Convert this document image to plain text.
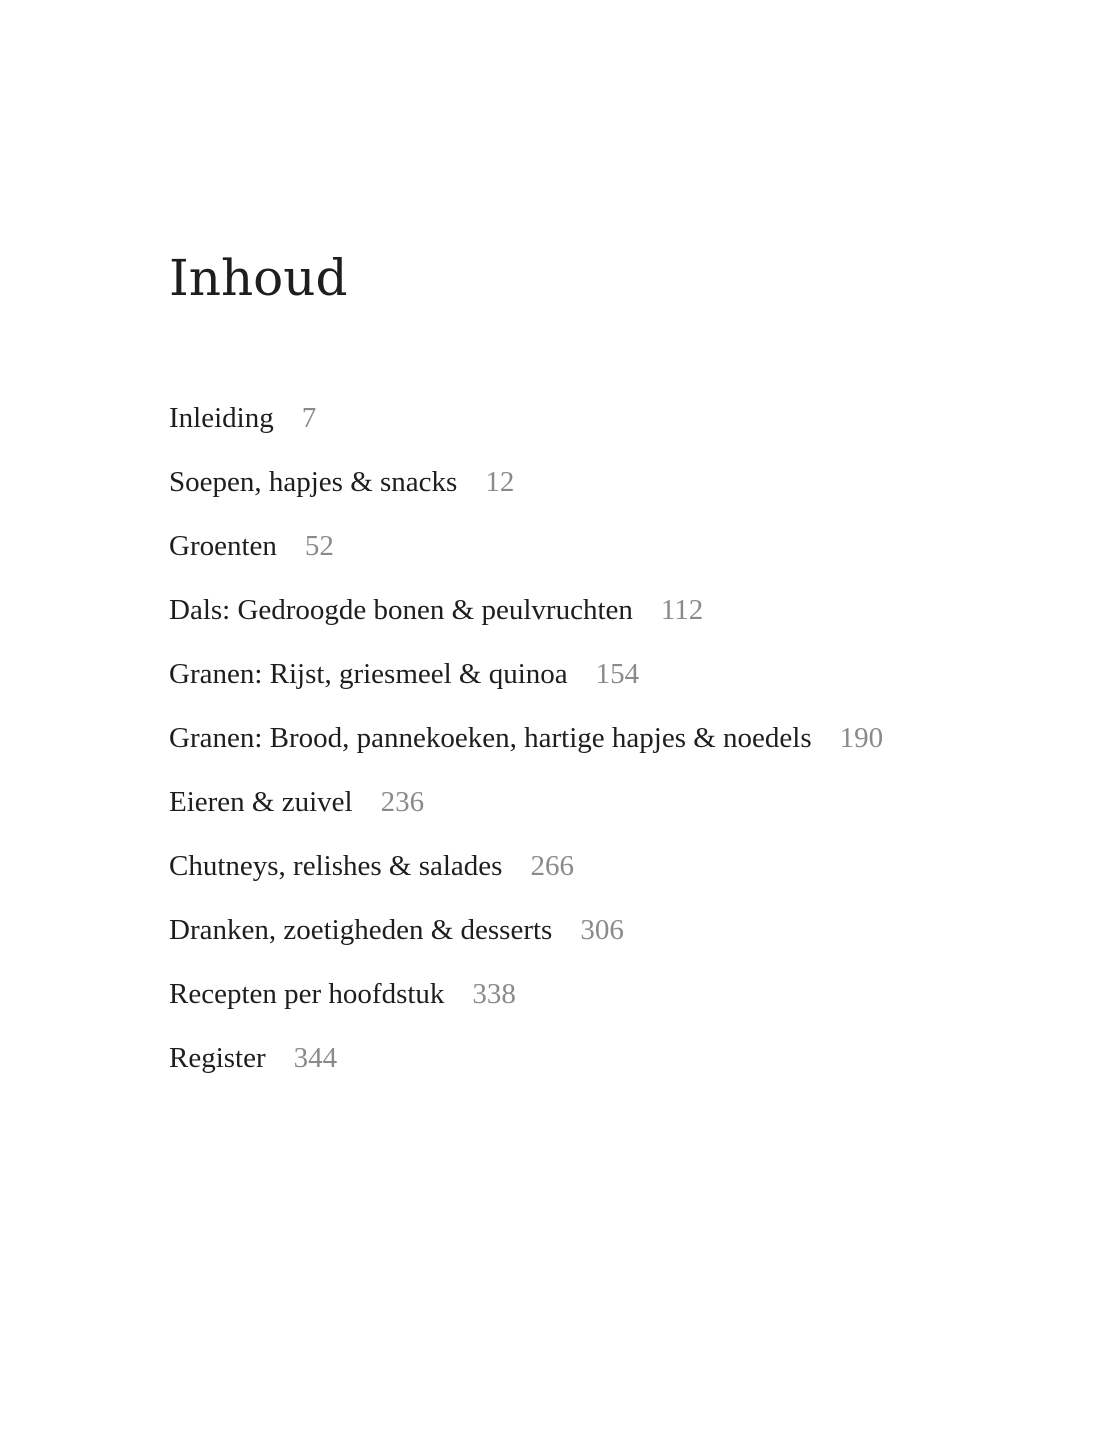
Inhoud
Inleiding 7
Soepen, hapjes & snacks 12
Groenten 52
Dals: Gedroogde bonen & peulvruchten 112
Granen: Rijst, griesmeel & quinoa 154
Granen: Brood, pannekoeken, hartige hapjes & noedels 190
Eieren & zuivel 236
Chutneys, relishes & salades 266
Dranken, zoetigheden & desserts 306
Recepten per hoofdstuk 338
Register 344
